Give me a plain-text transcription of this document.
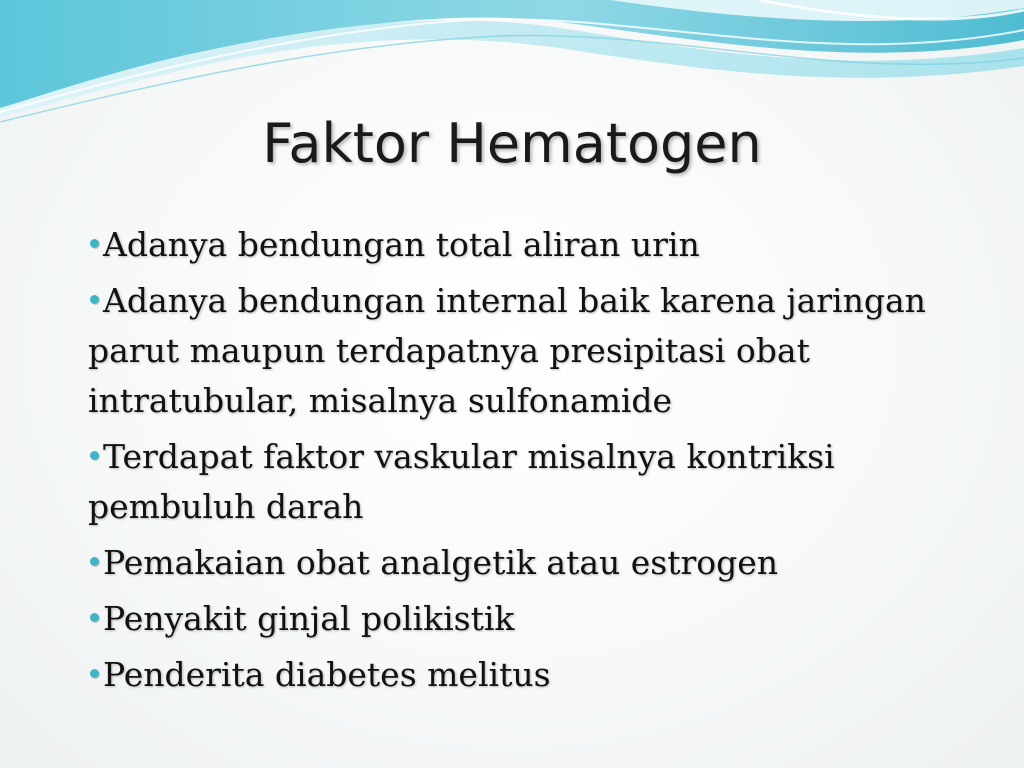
Faktor Hematogen
Adanya bendungan total aliran urin
Adanya bendungan internal baik karena jaringan parut maupun terdapatnya presipitasi obat intratubular, misalnya sulfonamide
Terdapat faktor vaskular misalnya kontriksi pembuluh darah
Pemakaian obat analgetik atau estrogen
Penyakit ginjal polikistik
Penderita diabetes melitus
